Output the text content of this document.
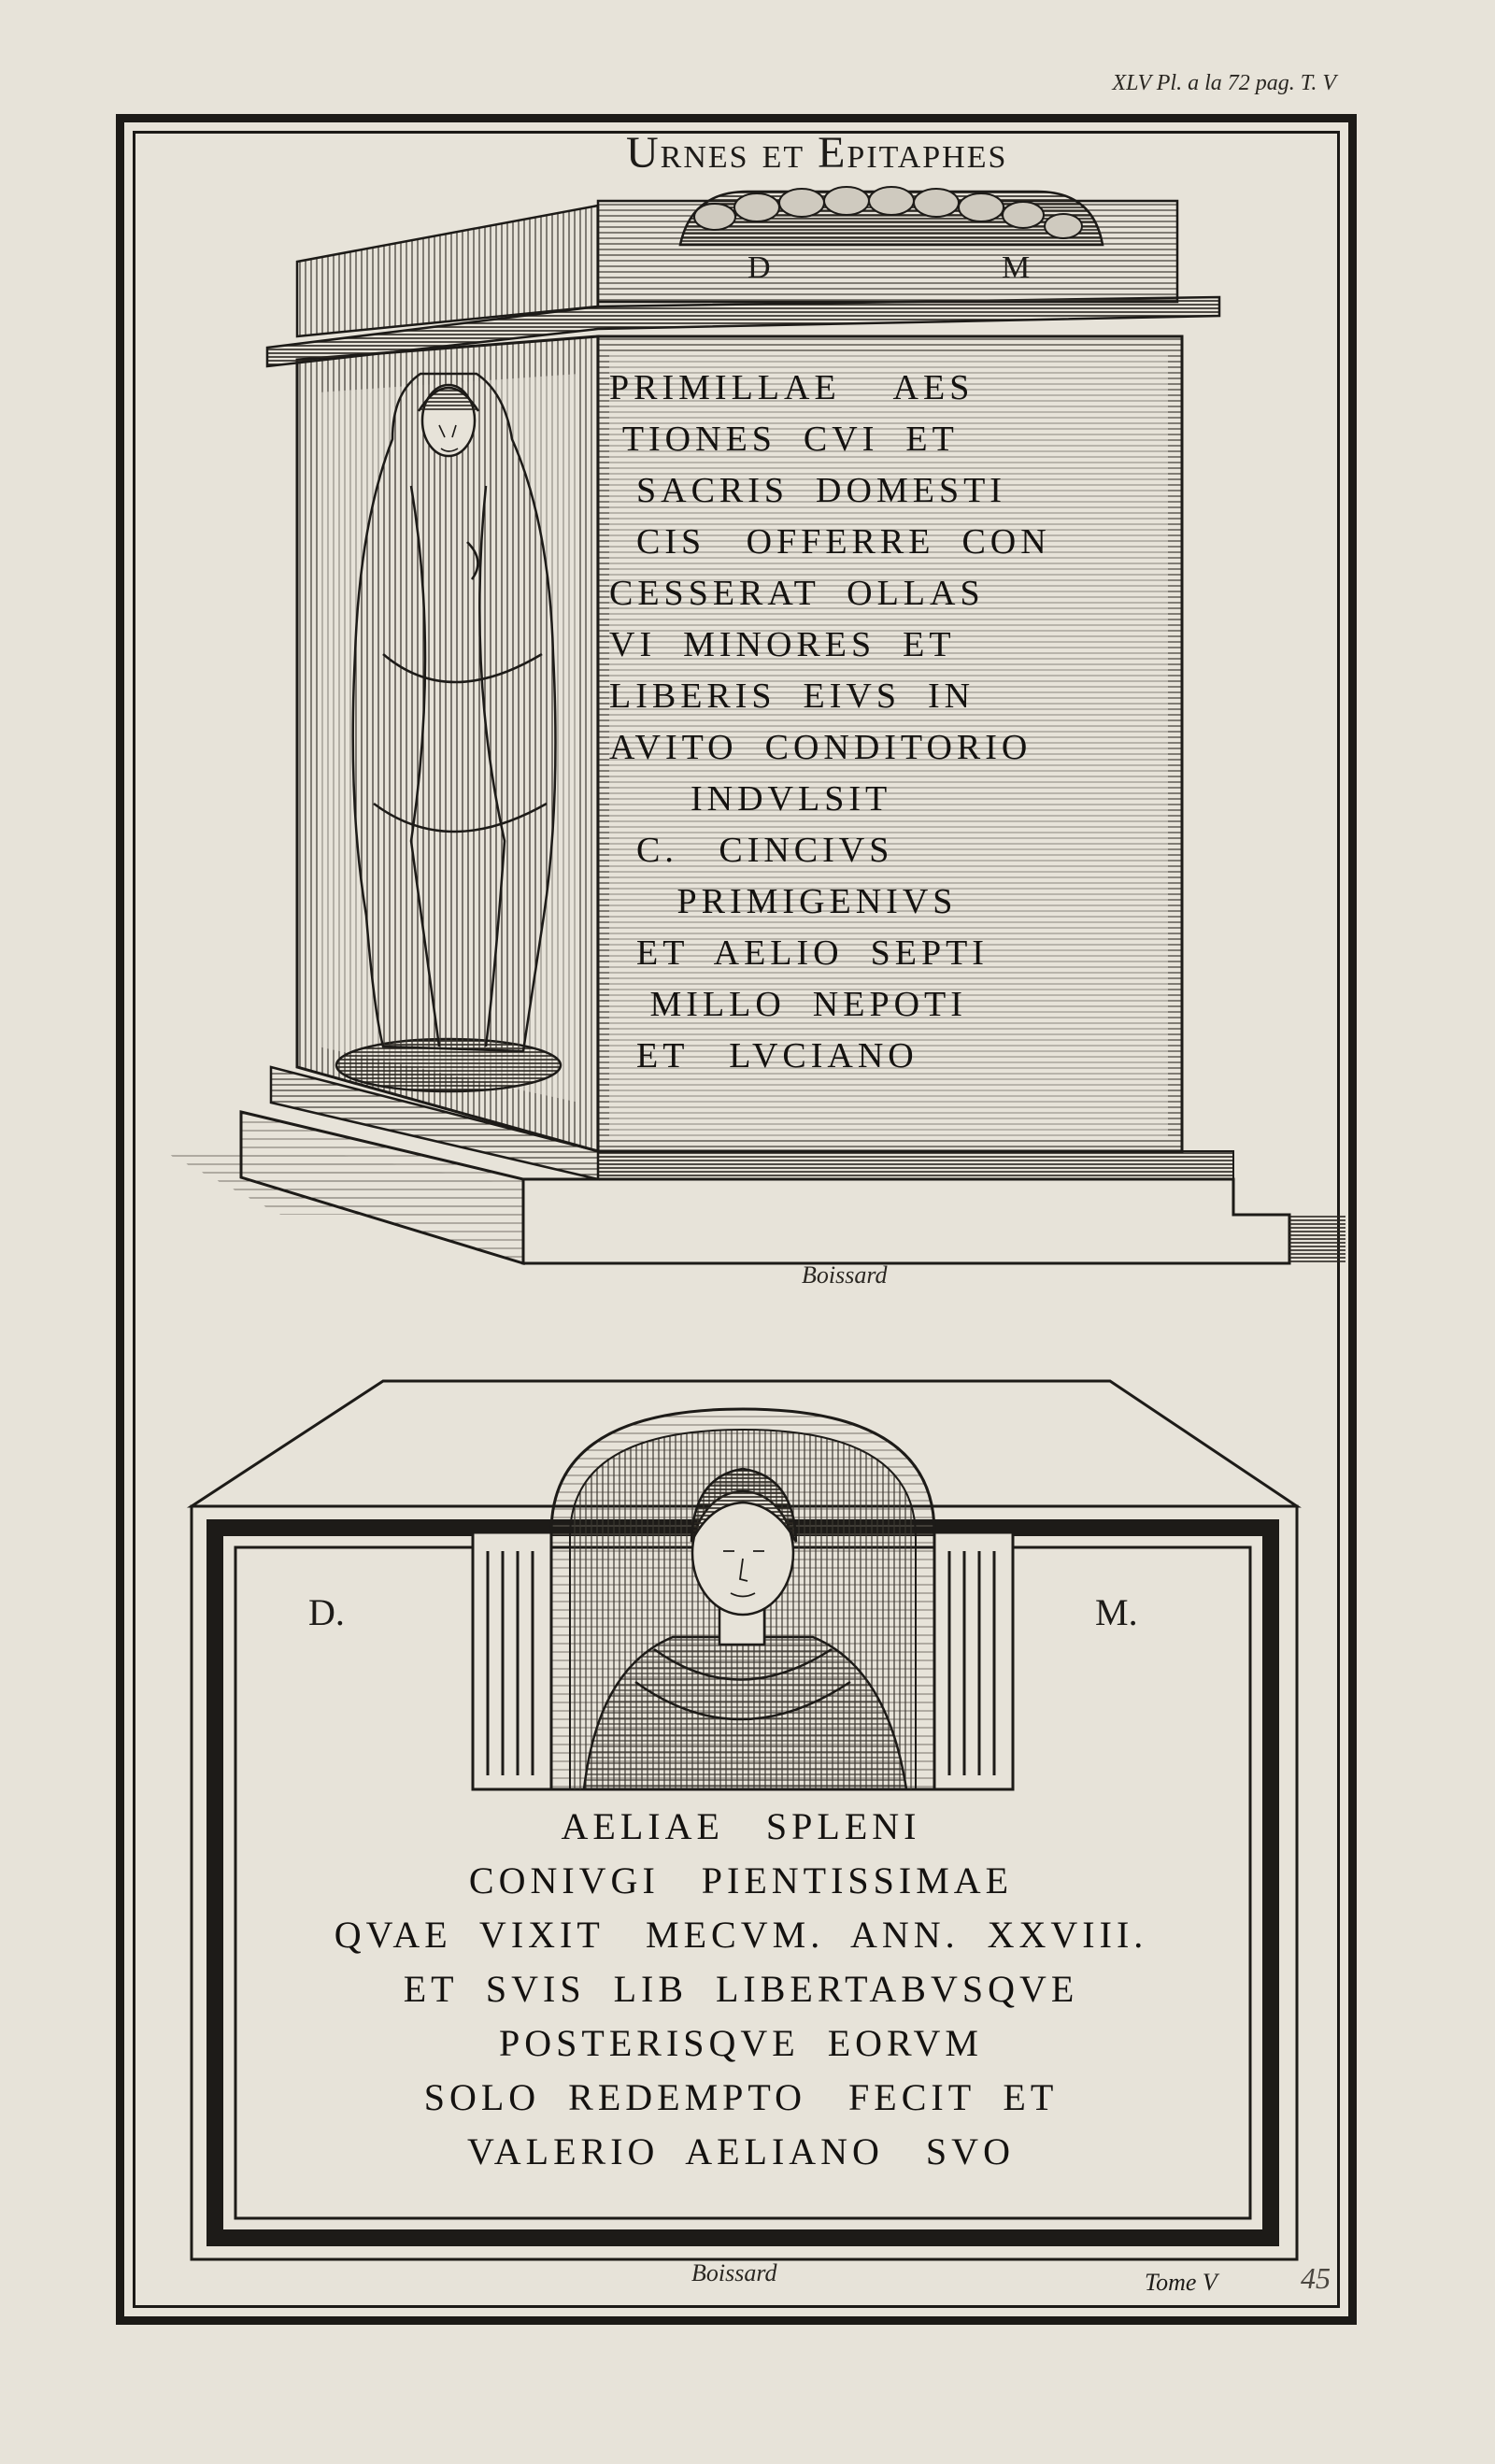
XLV Pl. a la 72 pag. T. V
Urnes et Epitaphes
D	M
PRIMILLAE    AES
TIONES  CVI  ET
SACRIS  DOMESTI
CIS   OFFERRE  CON
CESSERAT  OLLAS
VI  MINORES  ET
LIBERIS  EIVS  IN
AVITO  CONDITORIO
INDVLSIT
C.   CINCIVS
PRIMIGENIVS
ET  AELIO  SEPTI
MILLO  NEPOTI
ET   LVCIANO
Boissard
D.	M.
AELIAE   SPLENI
CONIVGI   PIENTISSIMAE
QVAE  VIXIT   MECVM.  ANN.  XXVIII.
ET  SVIS  LIB  LIBERTABVSQVE
POSTERISQVE  EORVM
SOLO  REDEMPTO   FECIT  ET
VALERIO  AELIANO   SVO
Boissard	Tome V	45
